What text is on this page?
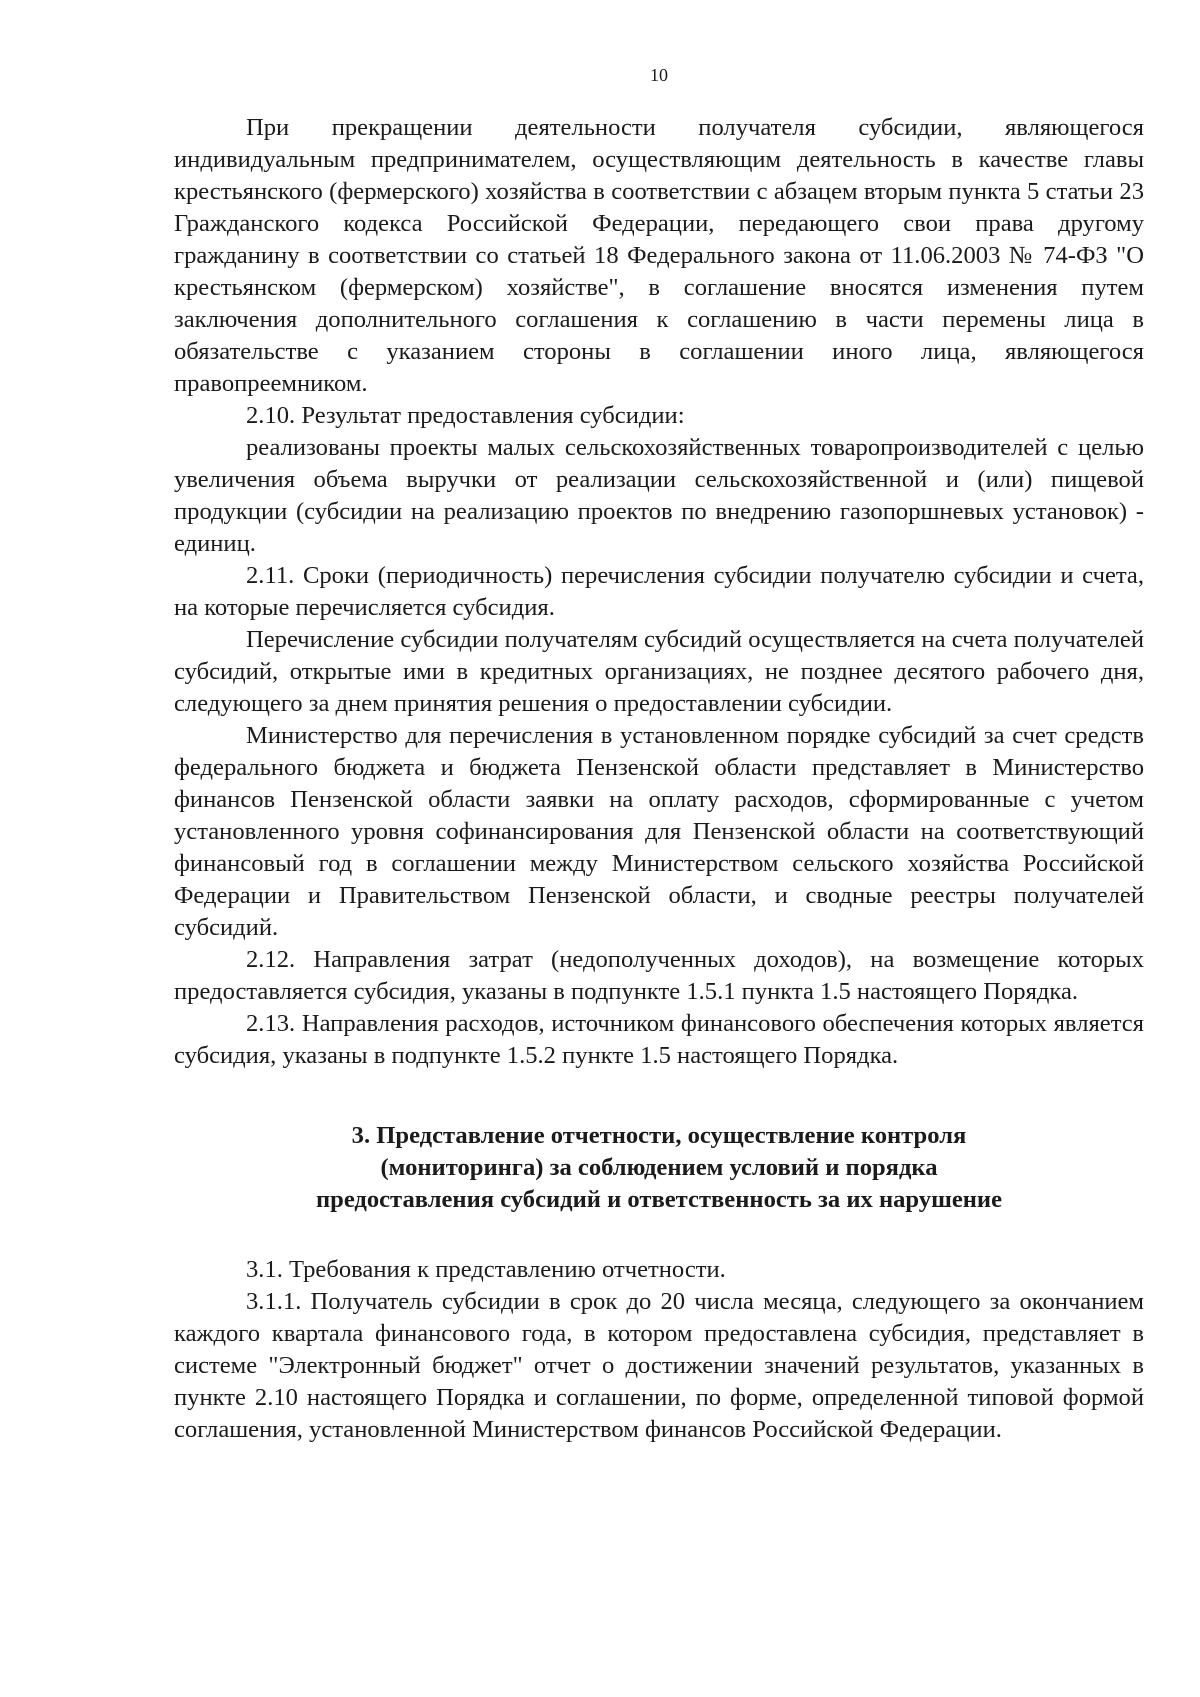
10

При прекращении деятельности получателя субсидии, являющегося индивидуальным предпринимателем, осуществляющим деятельность в качестве главы крестьянского (фермерского) хозяйства в соответствии с абзацем вторым пункта 5 статьи 23 Гражданского кодекса Российской Федерации, передающего свои права другому гражданину в соответствии со статьей 18 Федерального закона от 11.06.2003 № 74-ФЗ "О крестьянском (фермерском) хозяйстве", в соглашение вносятся изменения путем заключения дополнительного соглашения к соглашению в части перемены лица в обязательстве с указанием стороны в соглашении иного лица, являющегося правопреемником.

2.10. Результат предоставления субсидии:

реализованы проекты малых сельскохозяйственных товаропроизводителей с целью увеличения объема выручки от реализации сельскохозяйственной и (или) пищевой продукции (субсидии на реализацию проектов по внедрению газопоршневых установок) - единиц.

2.11. Сроки (периодичность) перечисления субсидии получателю субсидии и счета, на которые перечисляется субсидия.

Перечисление субсидии получателям субсидий осуществляется на счета получателей субсидий, открытые ими в кредитных организациях, не позднее десятого рабочего дня, следующего за днем принятия решения о предоставлении субсидии.

Министерство для перечисления в установленном порядке субсидий за счет средств федерального бюджета и бюджета Пензенской области представляет в Министерство финансов Пензенской области заявки на оплату расходов, сформированные с учетом установленного уровня софинансирования для Пензенской области на соответствующий финансовый год в соглашении между Министерством сельского хозяйства Российской Федерации и Правительством Пензенской области, и сводные реестры получателей субсидий.

2.12. Направления затрат (недополученных доходов), на возмещение которых предоставляется субсидия, указаны в подпункте 1.5.1 пункта 1.5 настоящего Порядка.

2.13. Направления расходов, источником финансового обеспечения которых является субсидия, указаны в подпункте 1.5.2 пункте 1.5 настоящего Порядка.

3. Представление отчетности, осуществление контроля
(мониторинга) за соблюдением условий и порядка
предоставления субсидий и ответственность за их нарушение

3.1. Требования к представлению отчетности.

3.1.1. Получатель субсидии в срок до 20 числа месяца, следующего за окончанием каждого квартала финансового года, в котором предоставлена субсидия, представляет в системе "Электронный бюджет" отчет о достижении значений результатов, указанных в пункте 2.10 настоящего Порядка и соглашении, по форме, определенной типовой формой соглашения, установленной Министерством финансов Российской Федерации.
